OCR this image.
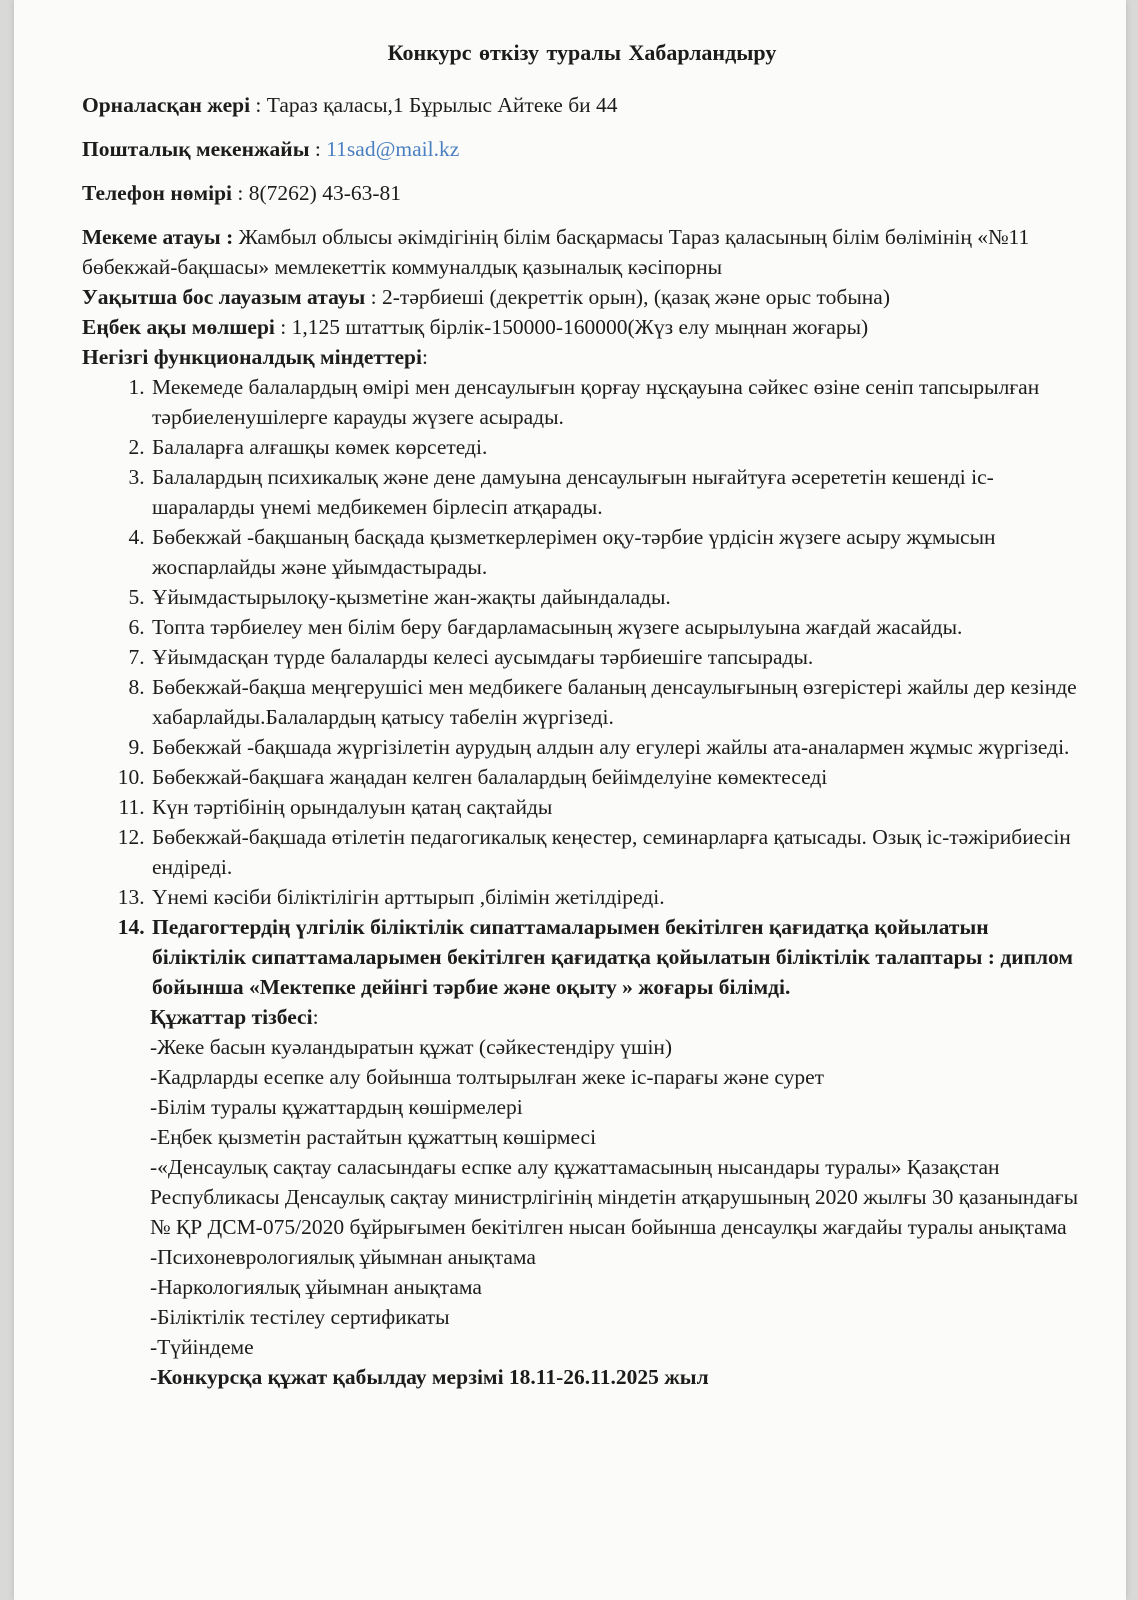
Конкурс өткізу туралы Хабарландыру

Орналасқан жері : Тараз қаласы,1 Бұрылыс Айтеке би 44

Пошталық мекенжайы : 11sad@mail.kz

Телефон нөмірі : 8(7262) 43-63-81

Мекеме атауы : Жамбыл облысы әкімдігінің білім басқармасы Тараз қаласының білім бөлімінің «№11 бөбекжай-бақшасы» мемлекеттік коммуналдық қазыналық кәсіпорны

Уақытша бос лауазым атауы : 2-тәрбиеші (декреттік орын), (қазақ және орыс тобына)

Еңбек ақы мөлшері : 1,125 штаттық бірлік-150000-160000(Жүз елу мыңнан жоғары)

Негізгі функционалдық міндеттері:

1. Мекемеде балалардың өмірі мен денсаулығын қорғау нұсқауына сәйкес өзіне сеніп тапсырылған тәрбиеленушілерге карауды жүзеге асырады.
2. Балаларға алғашқы көмек көрсетеді.
3. Балалардың психикалық және дене дамуына денсаулығын нығайтуға әсерететін кешенді іс-шараларды үнемі медбикемен бірлесіп атқарады.
4. Бөбекжай -бақшаның басқада қызметкерлерімен оқу-тәрбие үрдісін жүзеге асыру жұмысын жоспарлайды және ұйымдастырады.
5. Ұйымдастырылоқу-қызметіне жан-жақты дайындалады.
6. Топта тәрбиелеу мен білім беру бағдарламасының жүзеге асырылуына жағдай жасайды.
7. Ұйымдасқан түрде балаларды келесі аусымдағы тәрбиешіге тапсырады.
8. Бөбекжай-бақша меңгерушісі мен медбикеге баланың денсаулығының өзгерістері жайлы дер кезінде хабарлайды.Балалардың қатысу табелін жүргізеді.
9. Бөбекжай -бақшада жүргізілетін аурудың алдын алу егулері жайлы ата-аналармен жұмыс жүргізеді.
10. Бөбекжай-бақшаға жаңадан келген балалардың бейімделуіне көмектеседі
11. Күн тәртібінің орындалуын қатаң сақтайды
12. Бөбекжай-бақшада өтілетін педагогикалық кеңестер, семинарларға қатысады. Озық іс-тәжірибиесін ендіреді.
13. Үнемі кәсіби біліктілігін арттырып ,білімін жетілдіреді.
14. Педагогтердің үлгілік біліктілік сипаттамаларымен бекітілген қағидатқа қойылатын біліктілік сипаттамаларымен бекітілген қағидатқа қойылатын біліктілік талаптары : диплом бойынша «Мектепке дейінгі тәрбие және оқыту » жоғары білімді.

Құжаттар тізбесі:

-Жеке басын куәландыратын құжат (сәйкестендіру үшін)
-Кадрларды есепке алу бойынша толтырылған жеке іс-парағы және сурет
-Білім туралы құжаттардың көшірмелері
-Еңбек қызметін растайтын құжаттың көшірмесі
-«Денсаулық сақтау саласындағы еспке алу құжаттамасының нысандары туралы» Қазақстан Республикасы Денсаулық сақтау министрлігінің міндетін атқарушының 2020 жылғы 30 қазанындағы № ҚР ДСМ-075/2020 бұйрығымен бекітілген нысан бойынша денсаулқы жағдайы туралы анықтама
-Психоневрологиялық ұйымнан анықтама
-Наркологиялық ұйымнан анықтама
-Біліктілік тестілеу сертификаты
-Түйіндеме
-Конкурсқа құжат қабылдау мерзімі 18.11-26.11.2025 жыл
